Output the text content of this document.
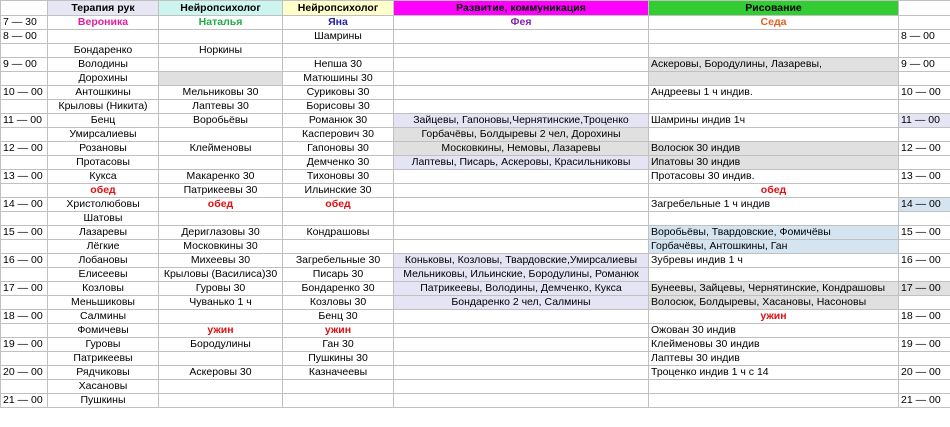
	Терапия рук	Нейропсихолог	Нейропсихолог	Развитие, коммуникация	Рисование	
7 — 30	Вероника	Наталья	Яна	Фея	Седа	
8 — 00			Шамрины			8 — 00
	Бондаренко	Норкины				
9 — 00	Володины		Непша 30		Аскеровы, Бородулины, Лазаревы,	9 — 00
	Дорохины		Матюшины 30			
10 — 00	Антошкины	Мельниковы 30	Суриковы 30		Андреевы 1 ч индив.	10 — 00
	Крыловы (Никита)	Лаптевы 30	Борисовы 30			
11 — 00	Бенц	Воробьёвы	Романюк 30	Зайцевы, Гапоновы,Чернятинские,Троценко	Шамрины индив 1ч	11 — 00
	Умирсалиевы		Касперович 30	Горбачёвы, Болдыревы 2 чел, Дорохины		
12 — 00	Розановы	Клейменовы	Гапоновы 30	Московкины, Немовы, Лазаревы	Волосюк 30 индив	12 — 00
	Протасовы		Демченко 30	Лаптевы, Писарь, Аскеровы, Красильниковы	Ипатовы 30 индив	
13 — 00	Кукса	Макаренко 30	Тихоновы 30		Протасовы 30 индив.	13 — 00
	обед	Патрикеевы 30	Ильинские 30		обед	
14 — 00	Христолюбовы	обед	обед		Загребельные 1 ч индив	14 — 00
	Шатовы					
15 — 00	Лазаревы	Дериглазовы 30	Кондрашовы		Воробьёвы, Твардовские, Фомичёвы	15 — 00
	Лёгкие	Московкины 30			Горбачёвы, Антошкины, Ган	
16 — 00	Лобановы	Михеевы 30	Загребельные 30	Коньковы, Козловы, Твардовские,Умирсалиевы	Зубревы индив 1 ч	16 — 00
	Елисеевы	Крыловы (Василиса)30	Писарь 30	Мельниковы, Ильинские, Бородулины, Романюк		
17 — 00	Козловы	Гуровы 30	Бондаренко 30	Патрикеевы, Володины, Демченко, Кукса	Бунеевы, Зайцевы, Чернятинские, Кондрашовы	17 — 00
	Меньшиковы	Чуванько 1 ч	Козловы 30	Бондаренко 2 чел, Салмины	Волосюк, Болдыревы, Хасановы, Насоновы	
18 — 00	Салмины		Бенц 30		ужин	18 — 00
	Фомичевы	ужин	ужин		Ожован 30 индив	
19 — 00	Гуровы	Бородулины	Ган 30		Клейменовы 30 индив	19 — 00
	Патрикеевы		Пушкины 30		Лаптевы 30 индив	
20 — 00	Рядчиковы	Аскеровы 30	Казначеевы		Троценко индив 1 ч с 14	20 — 00
	Хасановы					
21 — 00	Пушкины					21 — 00
